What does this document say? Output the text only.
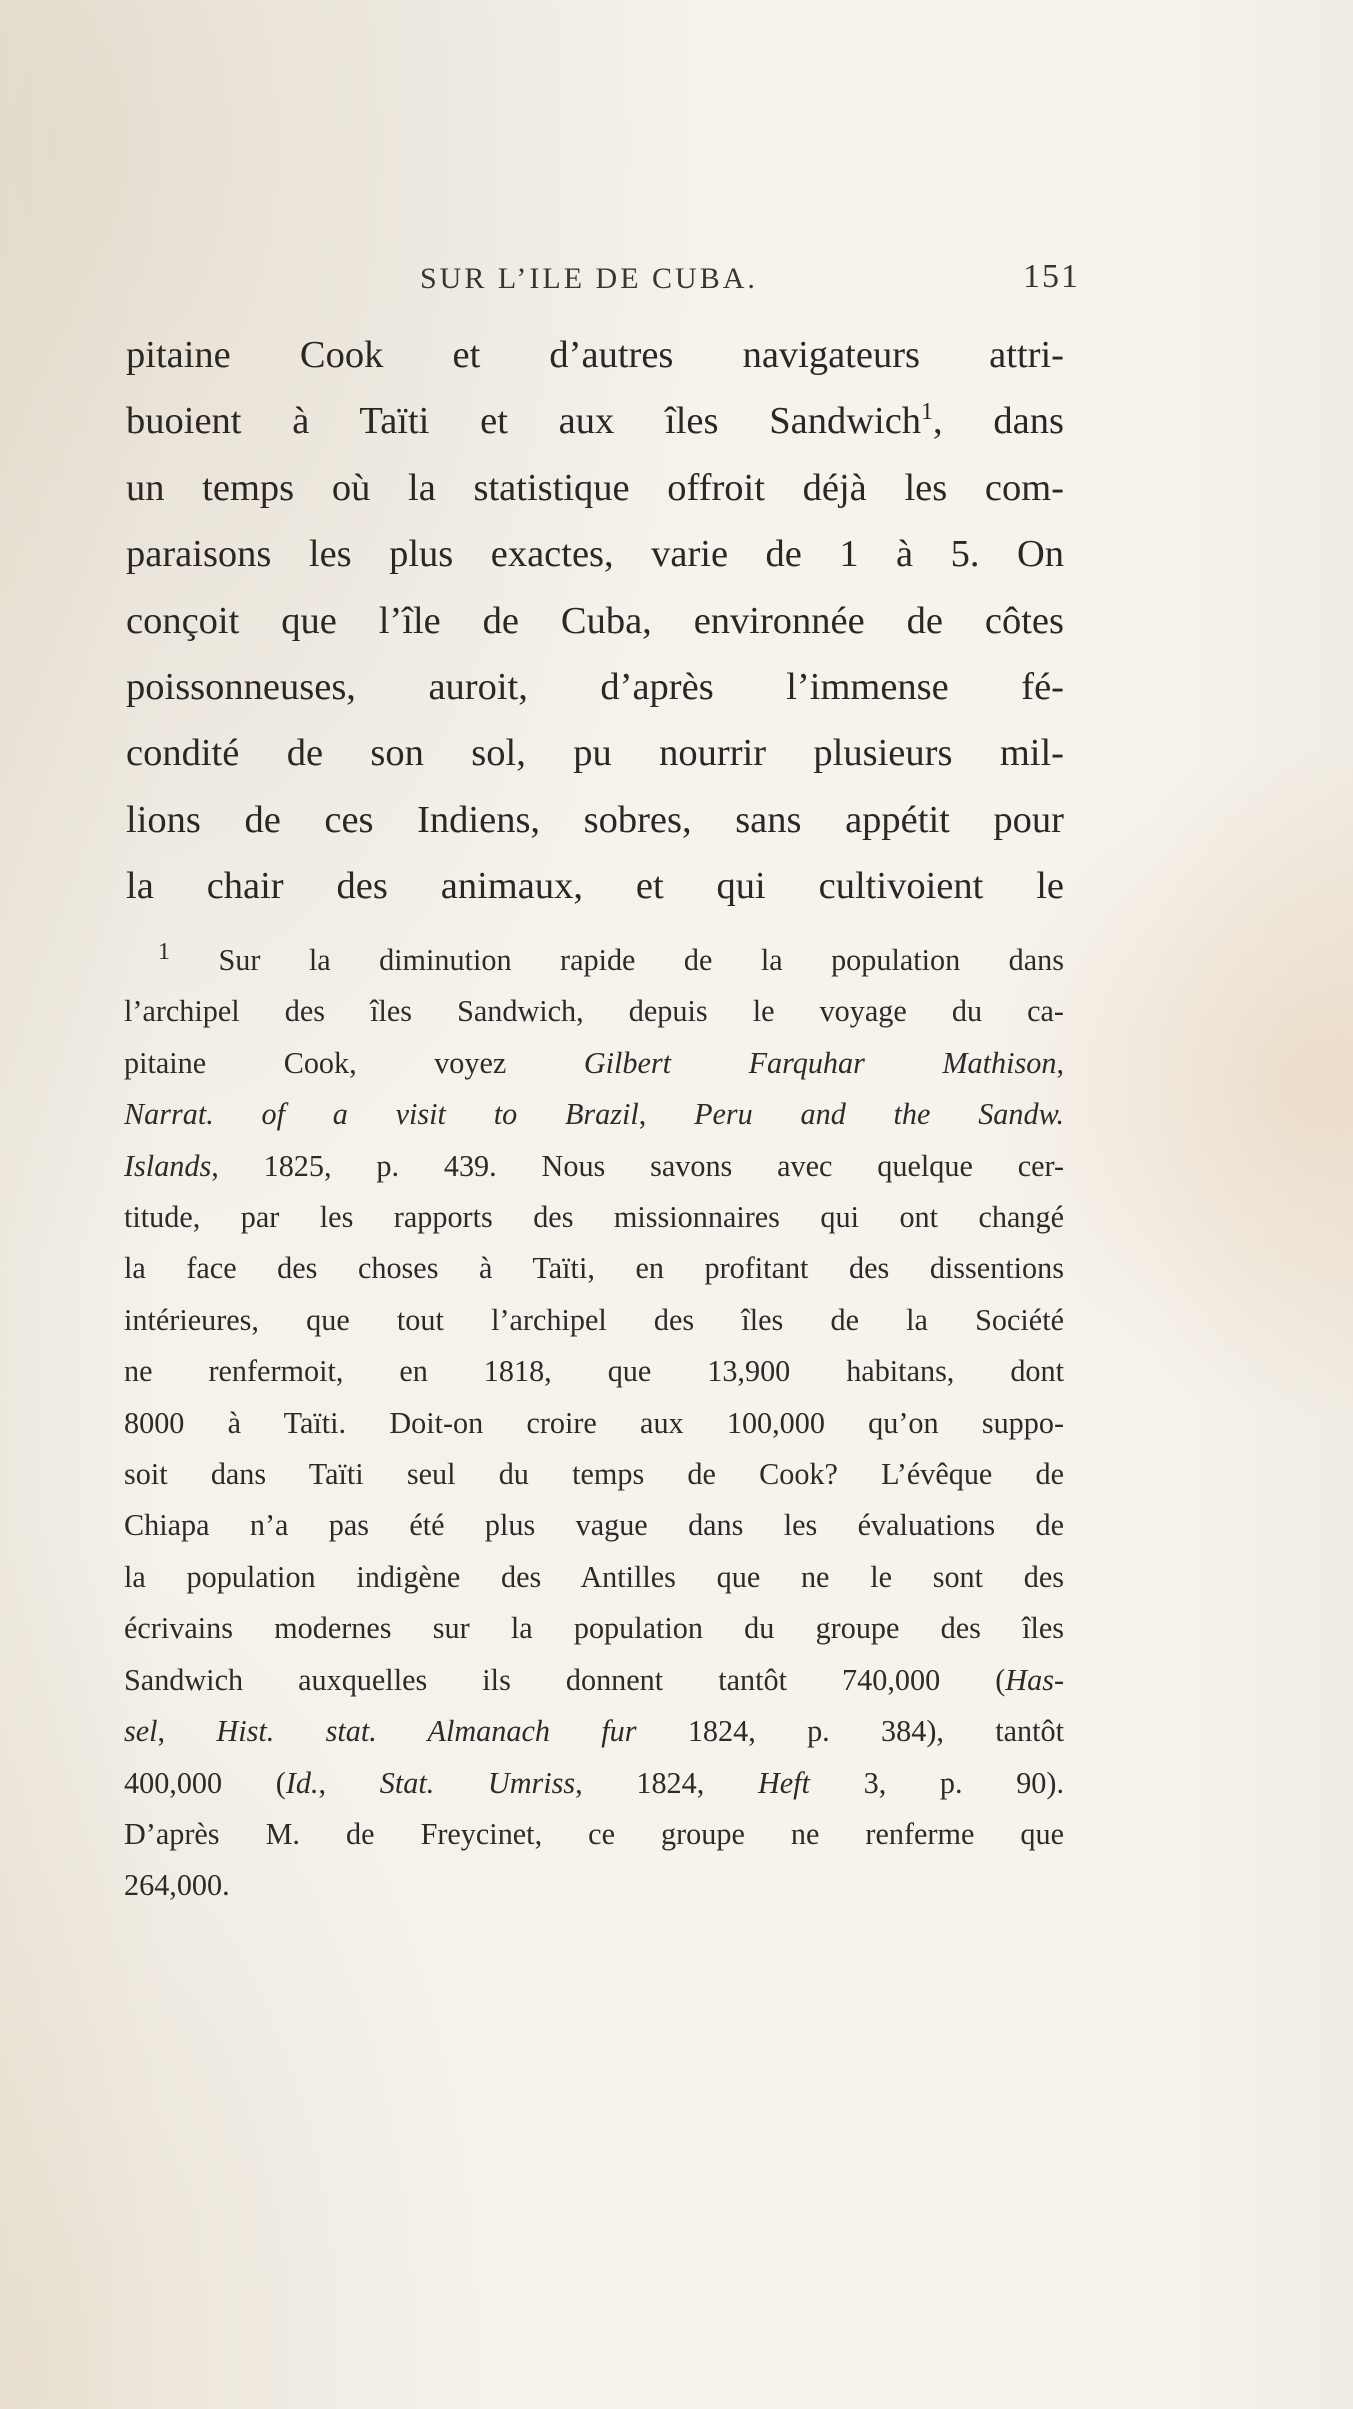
SUR L’ILE DE CUBA.	151
pitaine Cook et d’autres navigateurs attri-
buoient à Taïti et aux îles Sandwich$^1$, dans
un temps où la statistique offroit déjà les com-
paraisons les plus exactes, varie de 1 à 5. On
conçoit que l’île de Cuba, environnée de côtes
poissonneuses, auroit, d’après l’immense fé-
condité de son sol, pu nourrir plusieurs mil-
lions de ces Indiens, sobres, sans appétit pour
la chair des animaux, et qui cultivoient le
$^1$ Sur la diminution rapide de la population dans
l’archipel des îles Sandwich, depuis le voyage du ca-
pitaine Cook, voyez Gilbert Farquhar Mathison,
Narrat. of a visit to Brazil, Peru and the Sandw.
Islands, 1825, p. 439. Nous savons avec quelque cer-
titude, par les rapports des missionnaires qui ont changé
la face des choses à Taïti, en profitant des dissentions
intérieures, que tout l’archipel des îles de la Société
ne renfermoit, en 1818, que 13,900 habitans, dont
8000 à Taïti. Doit-on croire aux 100,000 qu’on suppo-
soit dans Taïti seul du temps de Cook? L’évêque de
Chiapa n’a pas été plus vague dans les évaluations de
la population indigène des Antilles que ne le sont des
écrivains modernes sur la population du groupe des îles
Sandwich auxquelles ils donnent tantôt 740,000 (Has-
sel, Hist. stat. Almanach fur 1824, p. 384), tantôt
400,000 (Id., Stat. Umriss, 1824, Heft 3, p. 90).
D’après M. de Freycinet, ce groupe ne renferme que
264,000.
